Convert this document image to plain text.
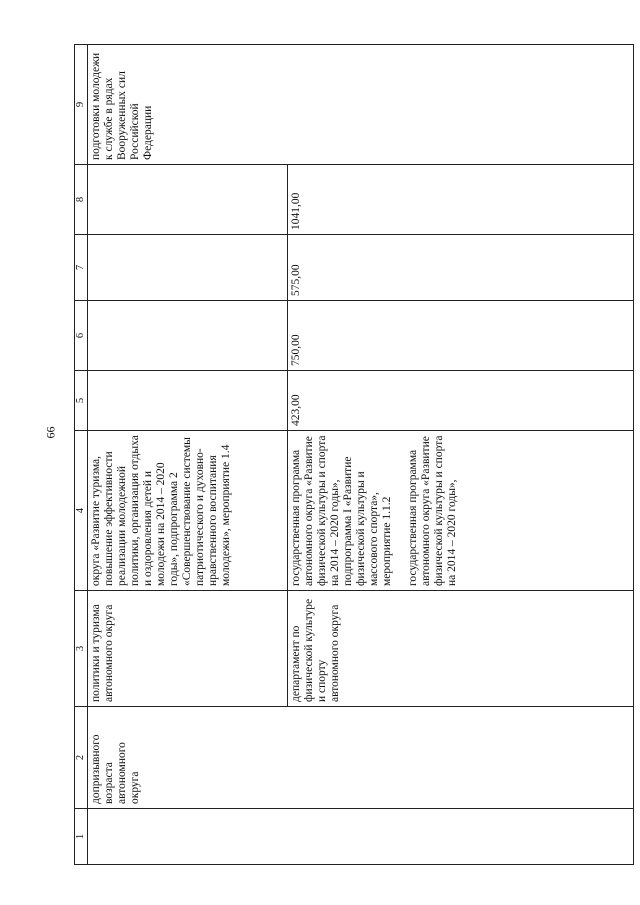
66
1	2	3	4	5	6	7	8	9
	допризывного возраста автономного округа	политики и туризма автономного округа	округа «Развитие туризма, повышение эффективности реализации молодежной политики, организация отдыха и оздоровления детей и молодежи на 2014 – 2020 годы», подпрограмма 2 «Совершенствование системы патриотического и духовно-нравственного воспитания молодежи», мероприятие 1.4					подготовки молодежи к службе в рядах Вооруженных сил Российской Федерации
		департамент по физической культуре и спорту автономного округа	государственная программа автономного округа «Развитие физической культуры и спорта на 2014 – 2020 годы», подпрограмма I «Развитие физической культуры и массового спорта», мероприятие 1.1.2 государственная программа автономного округа «Развитие физической культуры и спорта на 2014 – 2020 годы»,	423,00	750,00	575,00	1041,00	
